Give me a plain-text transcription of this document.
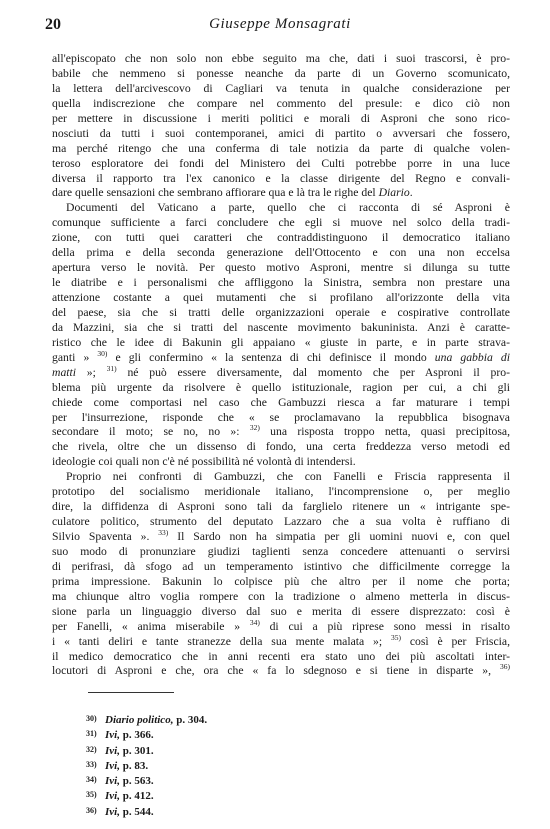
20	Giuseppe Monsagrati
all'episcopato che non solo non ebbe seguito ma che, dati i suoi trascorsi, è pro-
babile che nemmeno si ponesse neanche da parte di un Governo scomunicato,
la lettera dell'arcivescovo di Cagliari va tenuta in qualche considerazione per
quella indiscrezione che compare nel commento del presule: e dico ciò non
per mettere in discussione i meriti politici e morali di Asproni che sono rico-
nosciuti da tutti i suoi contemporanei, amici di partito o avversari che fossero,
ma perché ritengo che una conferma di tale notizia da parte di qualche volen-
teroso esploratore dei fondi del Ministero dei Culti potrebbe porre in una luce
diversa il rapporto tra l'ex canonico e la classe dirigente del Regno e convali-
dare quelle sensazioni che sembrano affiorare qua e là tra le righe del Diario.
Documenti del Vaticano a parte, quello che ci racconta di sé Asproni è
comunque sufficiente a farci concludere che egli si muove nel solco della tradi-
zione, con tutti quei caratteri che contraddistinguono il democratico italiano
della prima e della seconda generazione dell'Ottocento e con una non eccelsa
apertura verso le novità. Per questo motivo Asproni, mentre si dilunga su tutte
le diatribe e i personalismi che affliggono la Sinistra, sembra non prestare una
attenzione costante a quei mutamenti che si profilano all'orizzonte della vita
del paese, sia che si tratti delle organizzazioni operaie e cospirative controllate
da Mazzini, sia che si tratti del nascente movimento bakuninista. Anzi è caratte-
ristico che le idee di Bakunin gli appaiano « giuste in parte, e in parte strava-
ganti » $^{30)}$ e gli confermino « la sentenza di chi definisce il mondo una gabbia di
matti »; $^{31)}$ né può essere diversamente, dal momento che per Asproni il pro-
blema più urgente da risolvere è quello istituzionale, ragion per cui, a chi gli
chiede come comportasi nel caso che Gambuzzi riesca a far maturare i tempi
per l'insurrezione, risponde che « se proclamavano la repubblica bisognava
secondare il moto; se no, no »: $^{32)}$ una risposta troppo netta, quasi precipitosa,
che rivela, oltre che un dissenso di fondo, una certa freddezza verso metodi ed
ideologie coi quali non c'è né possibilità né volontà di intendersi.
Proprio nei confronti di Gambuzzi, che con Fanelli e Friscia rappresenta il
prototipo del socialismo meridionale italiano, l'incomprensione o, per meglio
dire, la diffidenza di Asproni sono tali da farglielo ritenere un « intrigante spe-
culatore politico, strumento del deputato Lazzaro che a sua volta è ruffiano di
Silvio Spaventa ». $^{33)}$ Il Sardo non ha simpatia per gli uomini nuovi e, con quel
suo modo di pronunziare giudizi taglienti senza concedere attenuanti o servirsi
di perifrasi, dà sfogo ad un temperamento istintivo che difficilmente corregge la
prima impressione. Bakunin lo colpisce più che altro per il nome che porta;
ma chiunque altro voglia rompere con la tradizione o almeno metterla in discus-
sione parla un linguaggio diverso dal suo e merita di essere disprezzato: così è
per Fanelli, « anima miserabile » $^{34)}$ di cui a più riprese sono messi in risalto
i « tanti deliri e tante stranezze della sua mente malata »; $^{35)}$ così è per Friscia,
il medico democratico che in anni recenti era stato uno dei più ascoltati inter-
locutori di Asproni e che, ora che « fa lo sdegnoso e si tiene in disparte », $^{36)}$
30) Diario politico, p. 304.
31) Ivi, p. 366.
32) Ivi, p. 301.
33) Ivi, p. 83.
34) Ivi, p. 563.
35) Ivi, p. 412.
36) Ivi, p. 544.
